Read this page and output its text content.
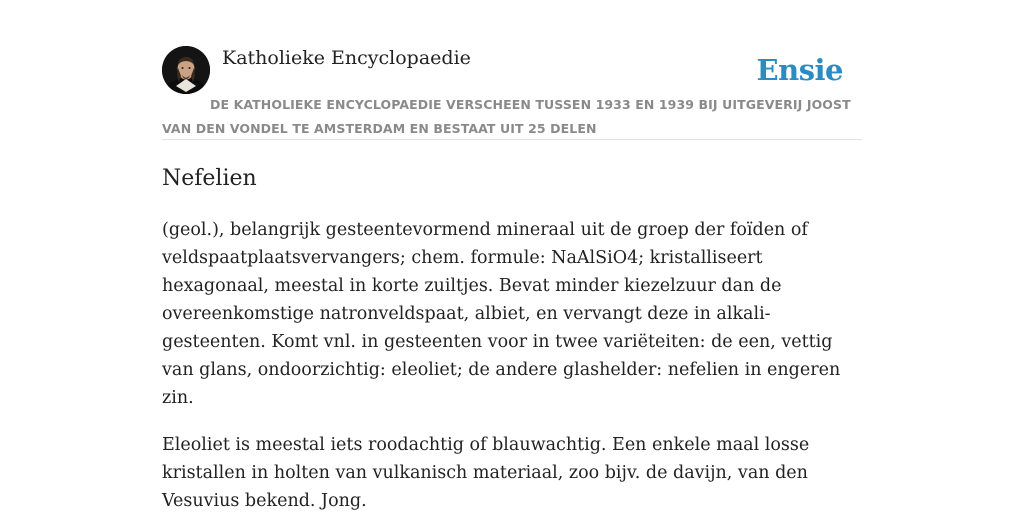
Katholieke Encyclopaedie	Ensie
DE KATHOLIEKE ENCYCLOPAEDIE VERSCHEEN TUSSEN 1933 EN 1939 BIJ UITGEVERIJ JOOST VAN DEN VONDEL TE AMSTERDAM EN BESTAAT UIT 25 DELEN
Nefelien

(geol.), belangrijk gesteentevormend mineraal uit de groep der foïden of veldspaatplaatsvervangers; chem. formule: NaAlSiO4; kristalliseert hexagonaal, meestal in korte zuiltjes. Bevat minder kiezelzuur dan de overeenkomstige natronveldspaat, albiet, en vervangt deze in alkali-gesteenten. Komt vnl. in gesteenten voor in twee variëteiten: de een, vettig van glans, ondoorzichtig: eleoliet; de andere glashelder: nefelien in engeren zin.

Eleoliet is meestal iets roodachtig of blauwachtig. Een enkele maal losse kristallen in holten van vulkanisch materiaal, zoo bijv. de davijn, van den Vesuvius bekend. Jong.
